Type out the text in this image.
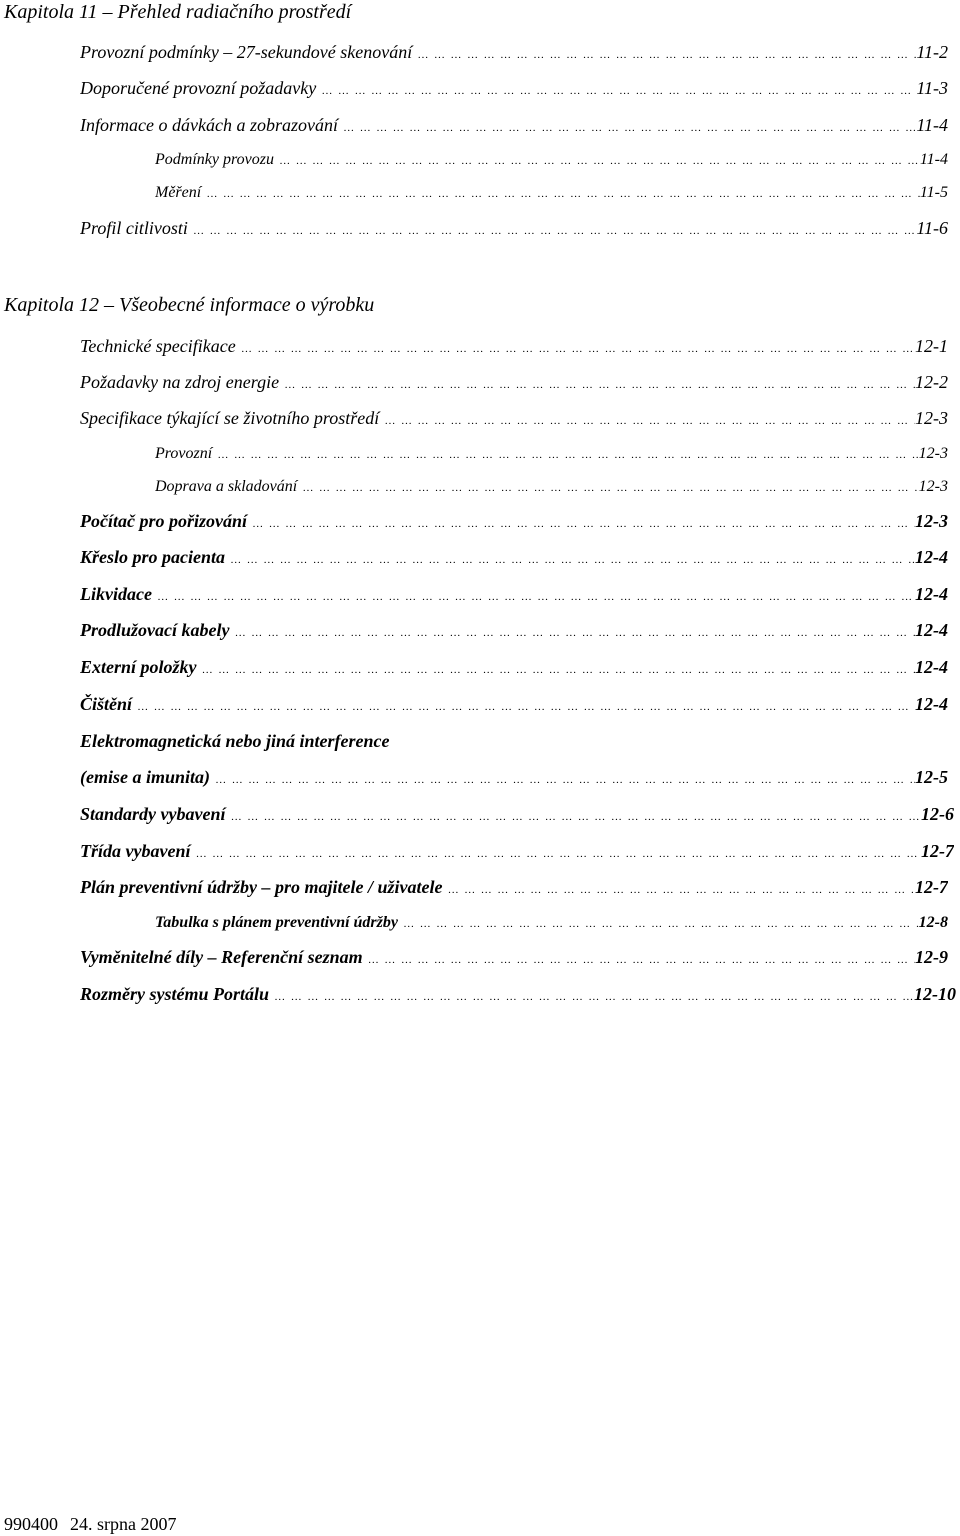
Kapitola 11 – Přehled radiačního prostředí
Provozní podmínky – 27-sekundové skenování … … … … … … … … … … … … … … … … … … … … … … … … … … … … … … … … … … … … … … … … … … … … … … … … … … … … … … … … … … … … … … … … … … … … … … … … … … … … … … … …	11-2
Doporučené provozní požadavky … … … … … … … … … … … … … … … … … … … … … … … … … … … … … … … … … … … … … … … … … … … … … … … … … … … … … … … … … … … … … … … … … … … … … … … … … … … … … … … …	11-3
Informace o dávkách a zobrazování … … … … … … … … … … … … … … … … … … … … … … … … … … … … … … … … … … … … … … … … … … … … … … … … … … … … … … … … … … … … … … … … … … … … … … … … … … … … … … … …	11-4
Podmínky provozu … … … … … … … … … … … … … … … … … … … … … … … … … … … … … … … … … … … … … … … … … … … … … … … … … … … … … … … … … … … … … … … … … … … … … … … … … … … … … … … …	11-4
Měření … … … … … … … … … … … … … … … … … … … … … … … … … … … … … … … … … … … … … … … … … … … … … … … … … … … … … … … … … … … … … … … … … … … … … … … … … … … … … … … …	11-5
Profil citlivosti … … … … … … … … … … … … … … … … … … … … … … … … … … … … … … … … … … … … … … … … … … … … … … … … … … … … … … … … … … … … … … … … … … … … … … … … … … … … … … … …	11-6
Kapitola 12 – Všeobecné informace o výrobku
Technické specifikace … … … … … … … … … … … … … … … … … … … … … … … … … … … … … … … … … … … … … … … … … … … … … … … … … … … … … … … … … … … … … … … … … … … … … … … … … … … … … … … …	12-1
Požadavky na zdroj energie … … … … … … … … … … … … … … … … … … … … … … … … … … … … … … … … … … … … … … … … … … … … … … … … … … … … … … … … … … … … … … … … … … … … … … … … … … … … … … … …	12-2
Specifikace týkající se životního prostředí … … … … … … … … … … … … … … … … … … … … … … … … … … … … … … … … … … … … … … … … … … … … … … … … … … … … … … … … … … … … … … … … … … … … … … … … … … … … … … … …	12-3
Provozní … … … … … … … … … … … … … … … … … … … … … … … … … … … … … … … … … … … … … … … … … … … … … … … … … … … … … … … … … … … … … … … … … … … … … … … … … … … … … … … …	12-3
Doprava a skladování … … … … … … … … … … … … … … … … … … … … … … … … … … … … … … … … … … … … … … … … … … … … … … … … … … … … … … … … … … … … … … … … … … … … … … … … … … … … … … … …	12-3
Počítač pro pořizování … … … … … … … … … … … … … … … … … … … … … … … … … … … … … … … … … … … … … … … … … … … … … … … … … … … … … … … … … … … … … … … … … … … … … … … … … … … … … … … …	12-3
Křeslo pro pacienta … … … … … … … … … … … … … … … … … … … … … … … … … … … … … … … … … … … … … … … … … … … … … … … … … … … … … … … … … … … … … … … … … … … … … … … … … … … … … … … …	12-4
Likvidace … … … … … … … … … … … … … … … … … … … … … … … … … … … … … … … … … … … … … … … … … … … … … … … … … … … … … … … … … … … … … … … … … … … … … … … … … … … … … … … …	12-4
Prodlužovací kabely … … … … … … … … … … … … … … … … … … … … … … … … … … … … … … … … … … … … … … … … … … … … … … … … … … … … … … … … … … … … … … … … … … … … … … … … … … … … … … … …	12-4
Externí položky … … … … … … … … … … … … … … … … … … … … … … … … … … … … … … … … … … … … … … … … … … … … … … … … … … … … … … … … … … … … … … … … … … … … … … … … … … … … … … … …	12-4
Čištění … … … … … … … … … … … … … … … … … … … … … … … … … … … … … … … … … … … … … … … … … … … … … … … … … … … … … … … … … … … … … … … … … … … … … … … … … … … … … … … …	12-4
Elektromagnetická nebo jiná interference
(emise a imunita) … … … … … … … … … … … … … … … … … … … … … … … … … … … … … … … … … … … … … … … … … … … … … … … … … … … … … … … … … … … … … … … … … … … … … … … … … … … … … … … …	12-5
Standardy vybavení … … … … … … … … … … … … … … … … … … … … … … … … … … … … … … … … … … … … … … … … … … … … … … … … … … … … … … … … … … … … … … … … … … … … … … … … … … … … … … … …	12-6
Třída vybavení … … … … … … … … … … … … … … … … … … … … … … … … … … … … … … … … … … … … … … … … … … … … … … … … … … … … … … … … … … … … … … … … … … … … … … … … … … … … … … … …	12-7
Plán preventivní údržby – pro majitele / uživatele … … … … … … … … … … … … … … … … … … … … … … … … … … … … … … … … … … … … … … … … … … … … … … … … … … … … … … … … … … … … … … … … … … … … … … … … … … … … … … … …	12-7
Tabulka s plánem preventivní údržby … … … … … … … … … … … … … … … … … … … … … … … … … … … … … … … … … … … … … … … … … … … … … … … … … … … … … … … … … … … … … … … … … … … … … … … … … … … … … … … …	12-8
Vyměnitelné díly – Referenční seznam … … … … … … … … … … … … … … … … … … … … … … … … … … … … … … … … … … … … … … … … … … … … … … … … … … … … … … … … … … … … … … … … … … … … … … … … … … … … … … … …	12-9
Rozměry systému Portálu … … … … … … … … … … … … … … … … … … … … … … … … … … … … … … … … … … … … … … … … … … … … … … … … … … … … … … … … … … … … … … … … … … … … … … … … … … … … … … … …	12-10
990400 24. srpna 2007
